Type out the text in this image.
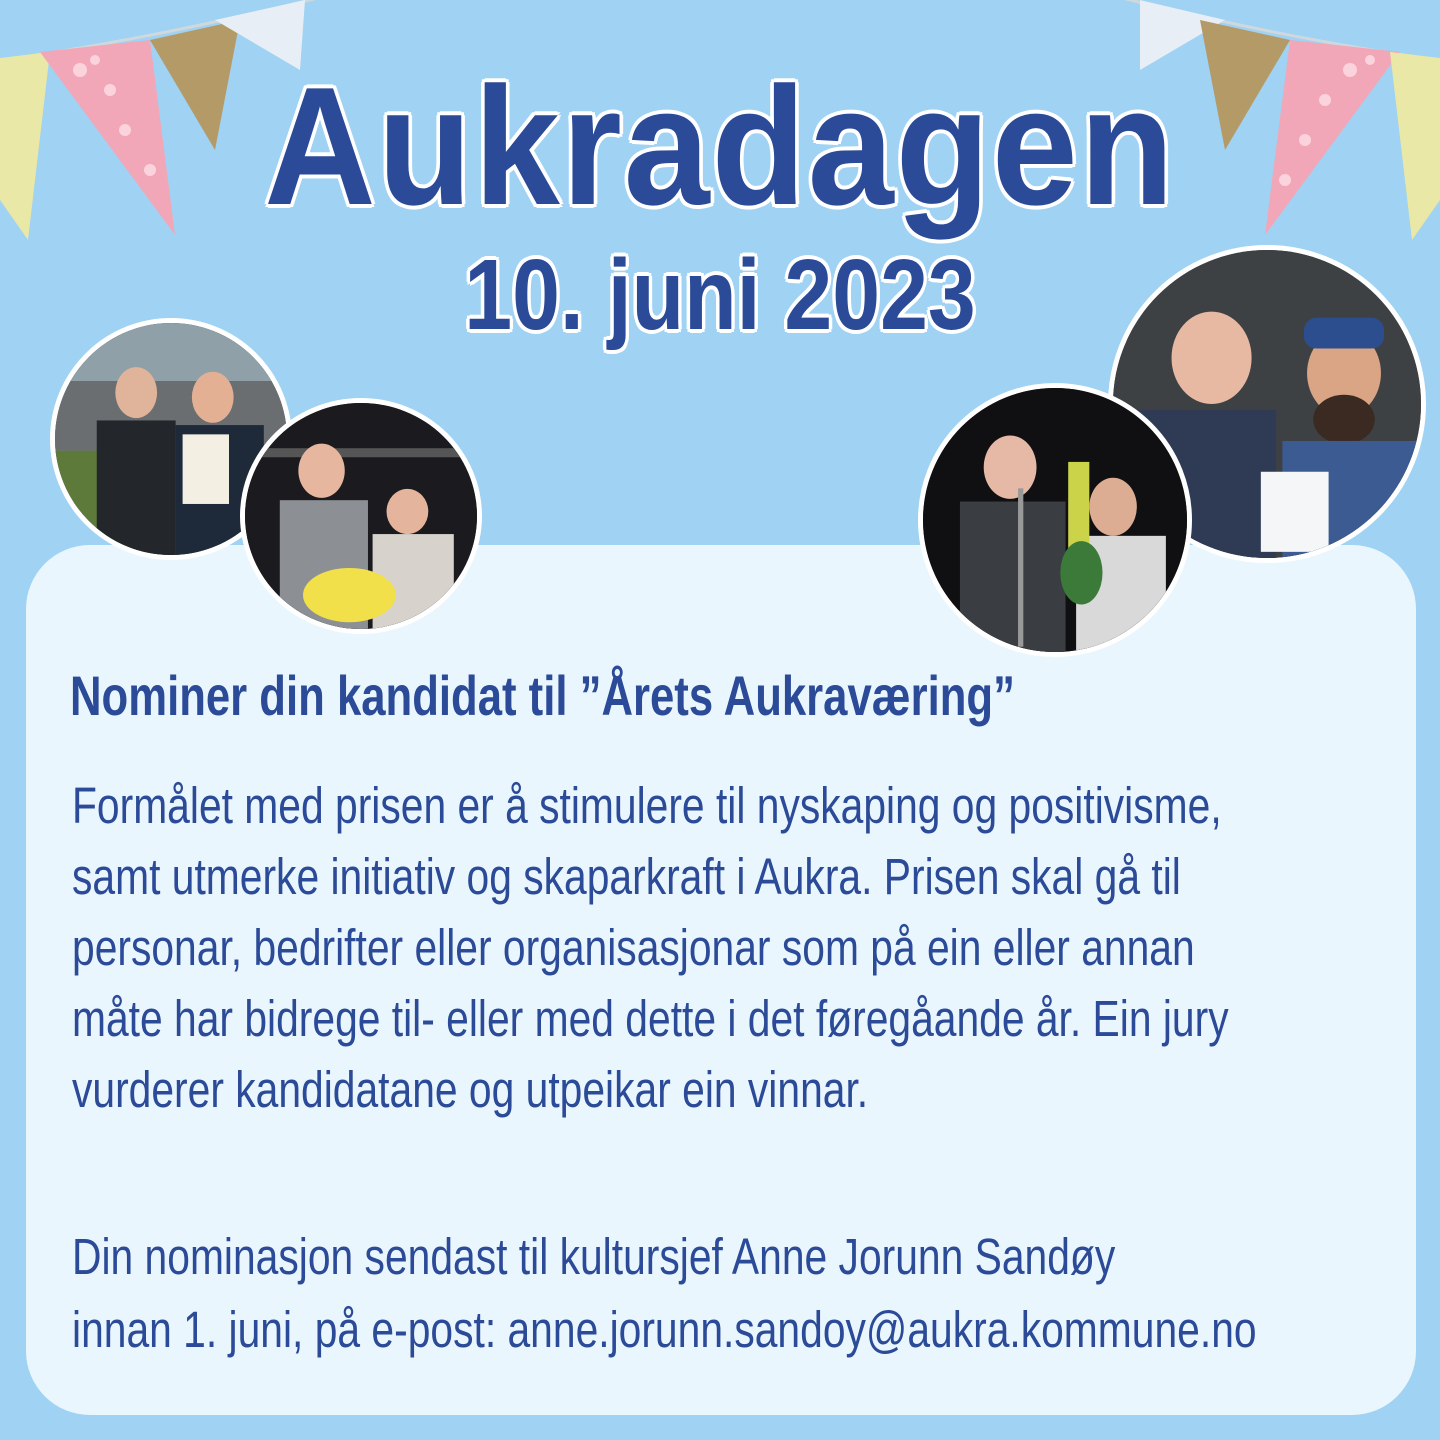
Aukradagen
10. juni 2023
Nominer din kandidat til ”Årets Aukraværing”
Formålet med prisen er å stimulere til nyskaping og positivisme,
samt utmerke initiativ og skaparkraft i Aukra. Prisen skal gå til
personar, bedrifter eller organisasjonar som på ein eller annan
måte har bidrege til- eller med dette i det føregåande år. Ein jury
vurderer kandidatane og utpeikar ein vinnar.
Din nominasjon sendast til kultursjef Anne Jorunn Sandøy
innan 1. juni, på e-post: anne.jorunn.sandoy@aukra.kommune.no
